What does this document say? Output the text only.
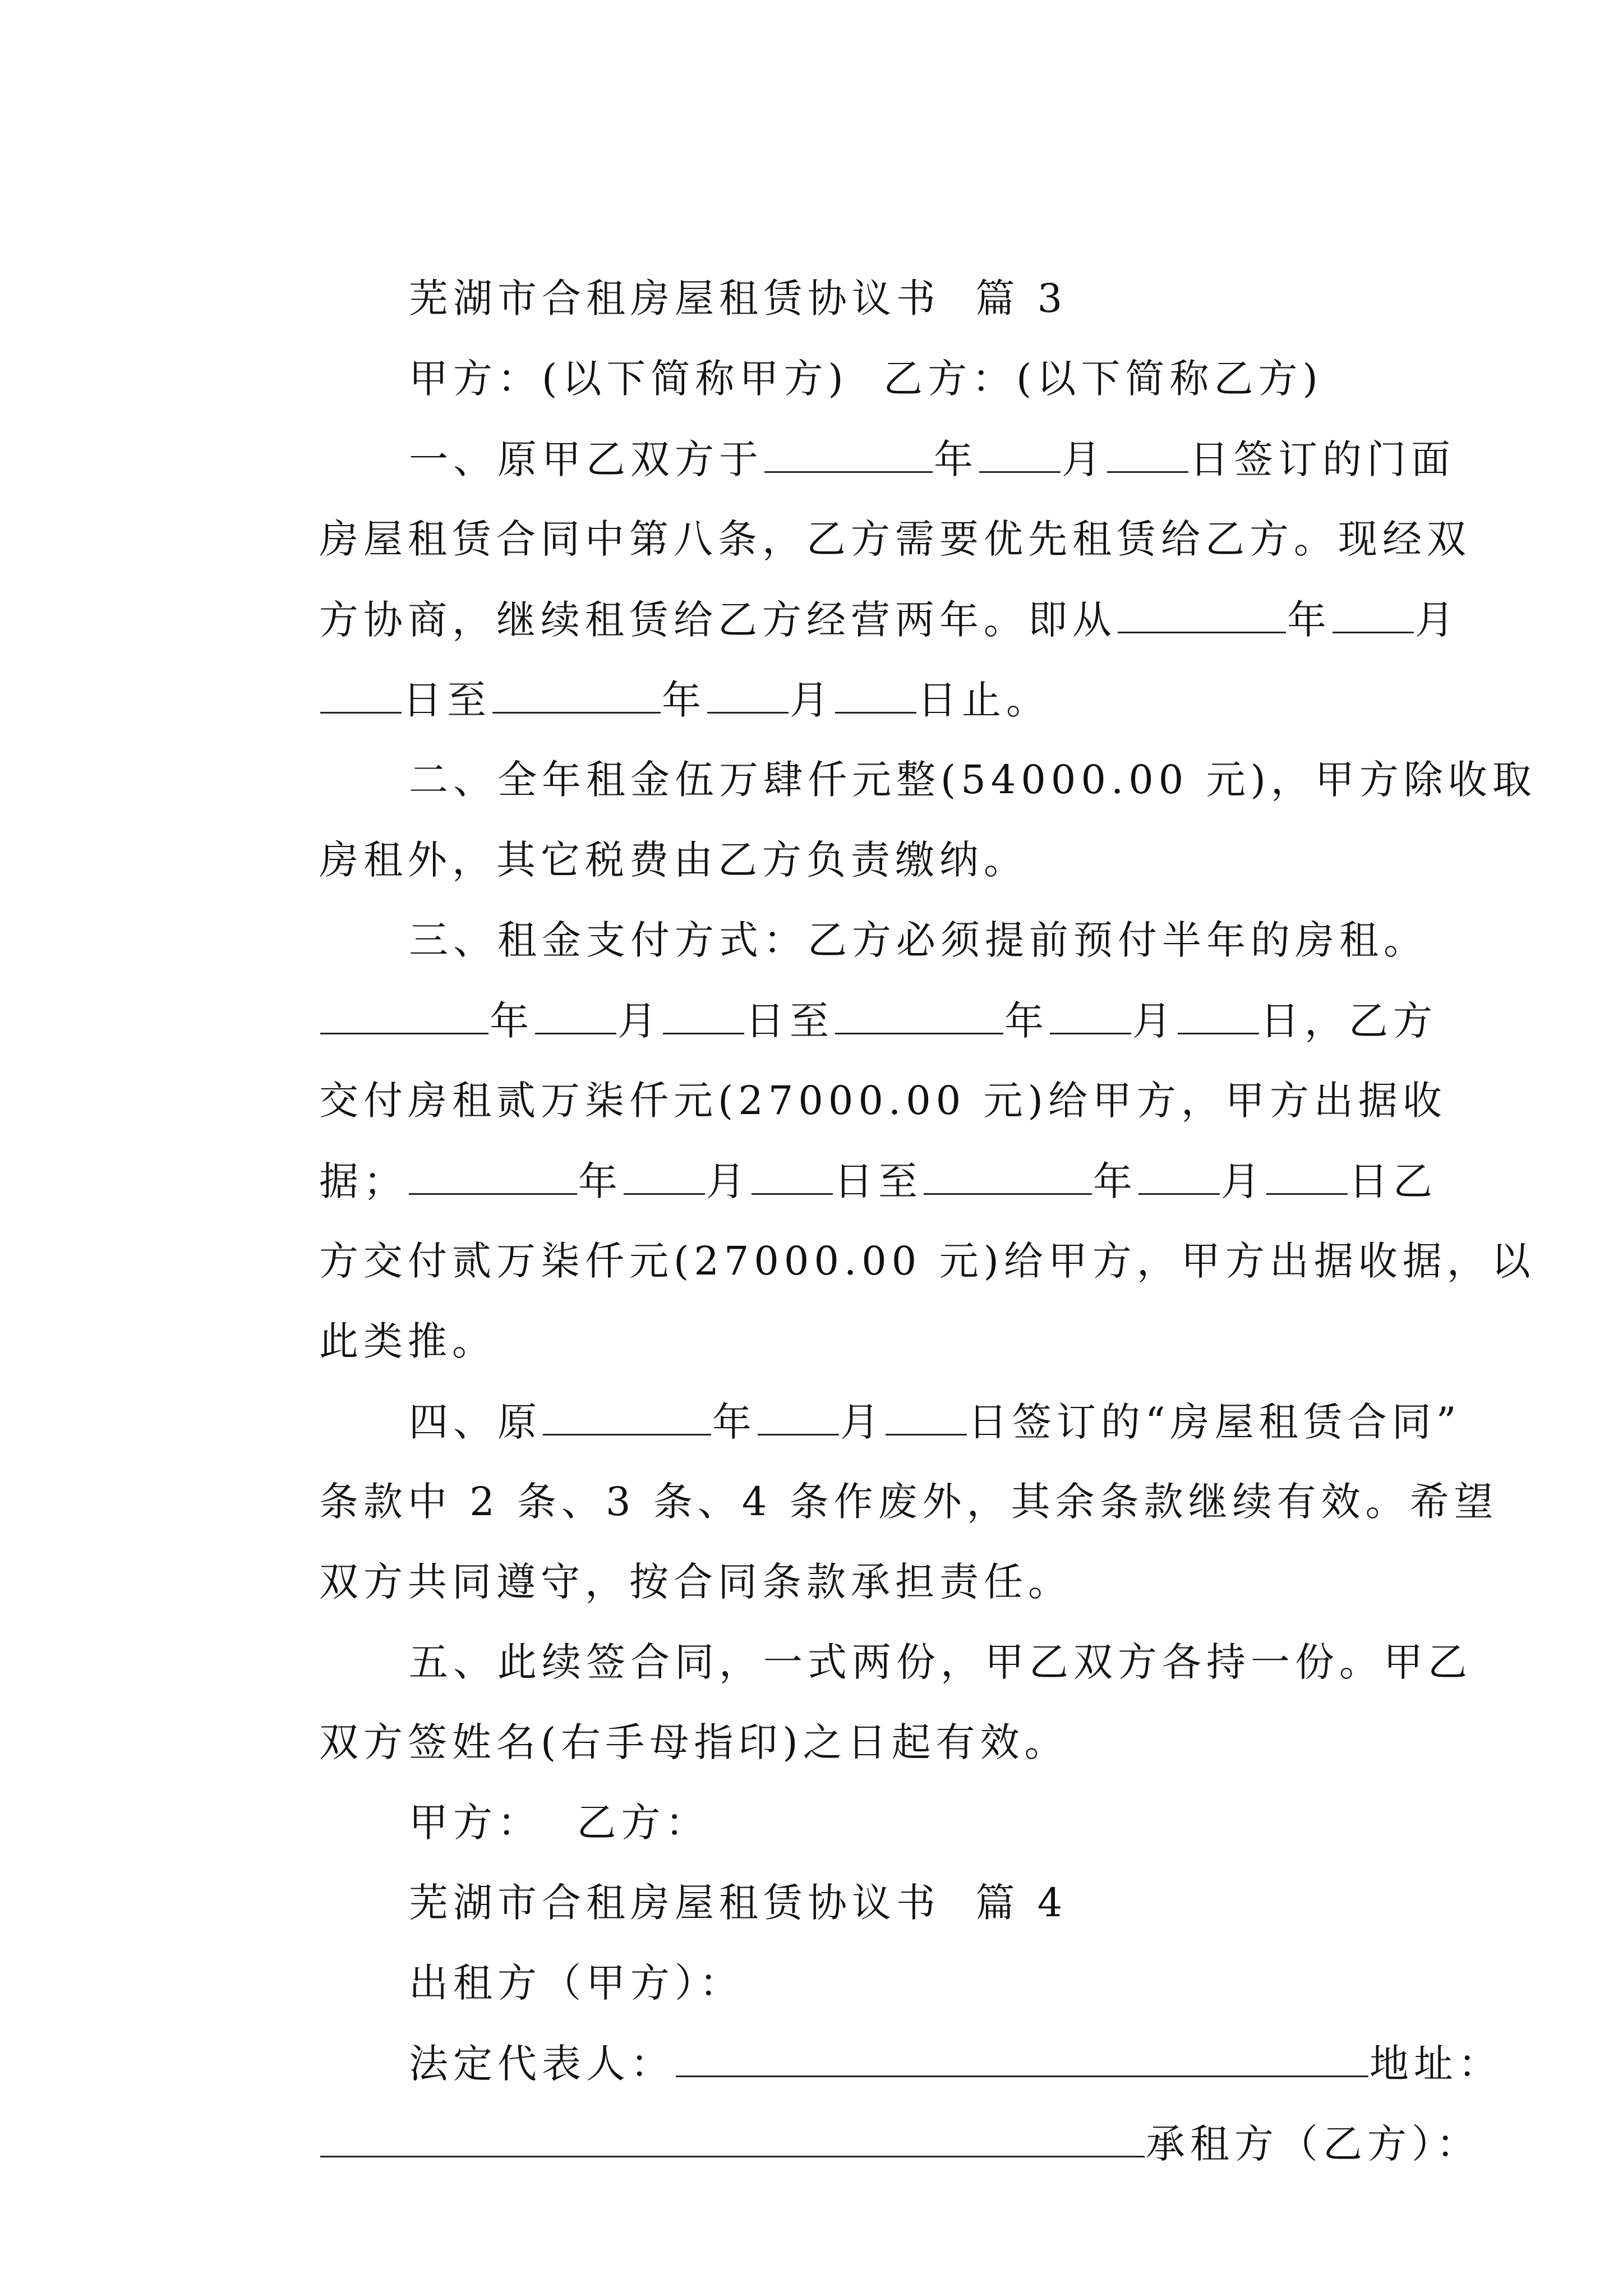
芜湖市合租房屋租赁协议书  篇 3

甲方：(以下简称甲方)  乙方：(以下简称乙方)

一、原甲乙双方于	年 月 日签订的门面

房屋租赁合同中第八条，乙方需要优先租赁给乙方。现经双

方协商，继续租赁给乙方经营两年。即从	年 月

日至	年 月 日止。

二、全年租金伍万肆仟元整(54000.00 元)，甲方除收取

房租外，其它税费由乙方负责缴纳。

三、租金支付方式：乙方必须提前预付半年的房租。

年 月 日至	年 月 日，乙方

交付房租贰万柒仟元(27000.00 元)给甲方，甲方出据收

据；	年 月 日至	年 月 日乙

方交付贰万柒仟元(27000.00 元)给甲方，甲方出据收据，以

此类推。

四、原	年 月 日签订的“房屋租赁合同”

条款中 2 条、3 条、4 条作废外，其余条款继续有效。希望

双方共同遵守，按合同条款承担责任。

五、此续签合同，一式两份，甲乙双方各持一份。甲乙

双方签姓名(右手母指印)之日起有效。

甲方：  乙方：

芜湖市合租房屋租赁协议书  篇 4

出租方（甲方）：

法定代表人：	地址：

承租方（乙方）：
